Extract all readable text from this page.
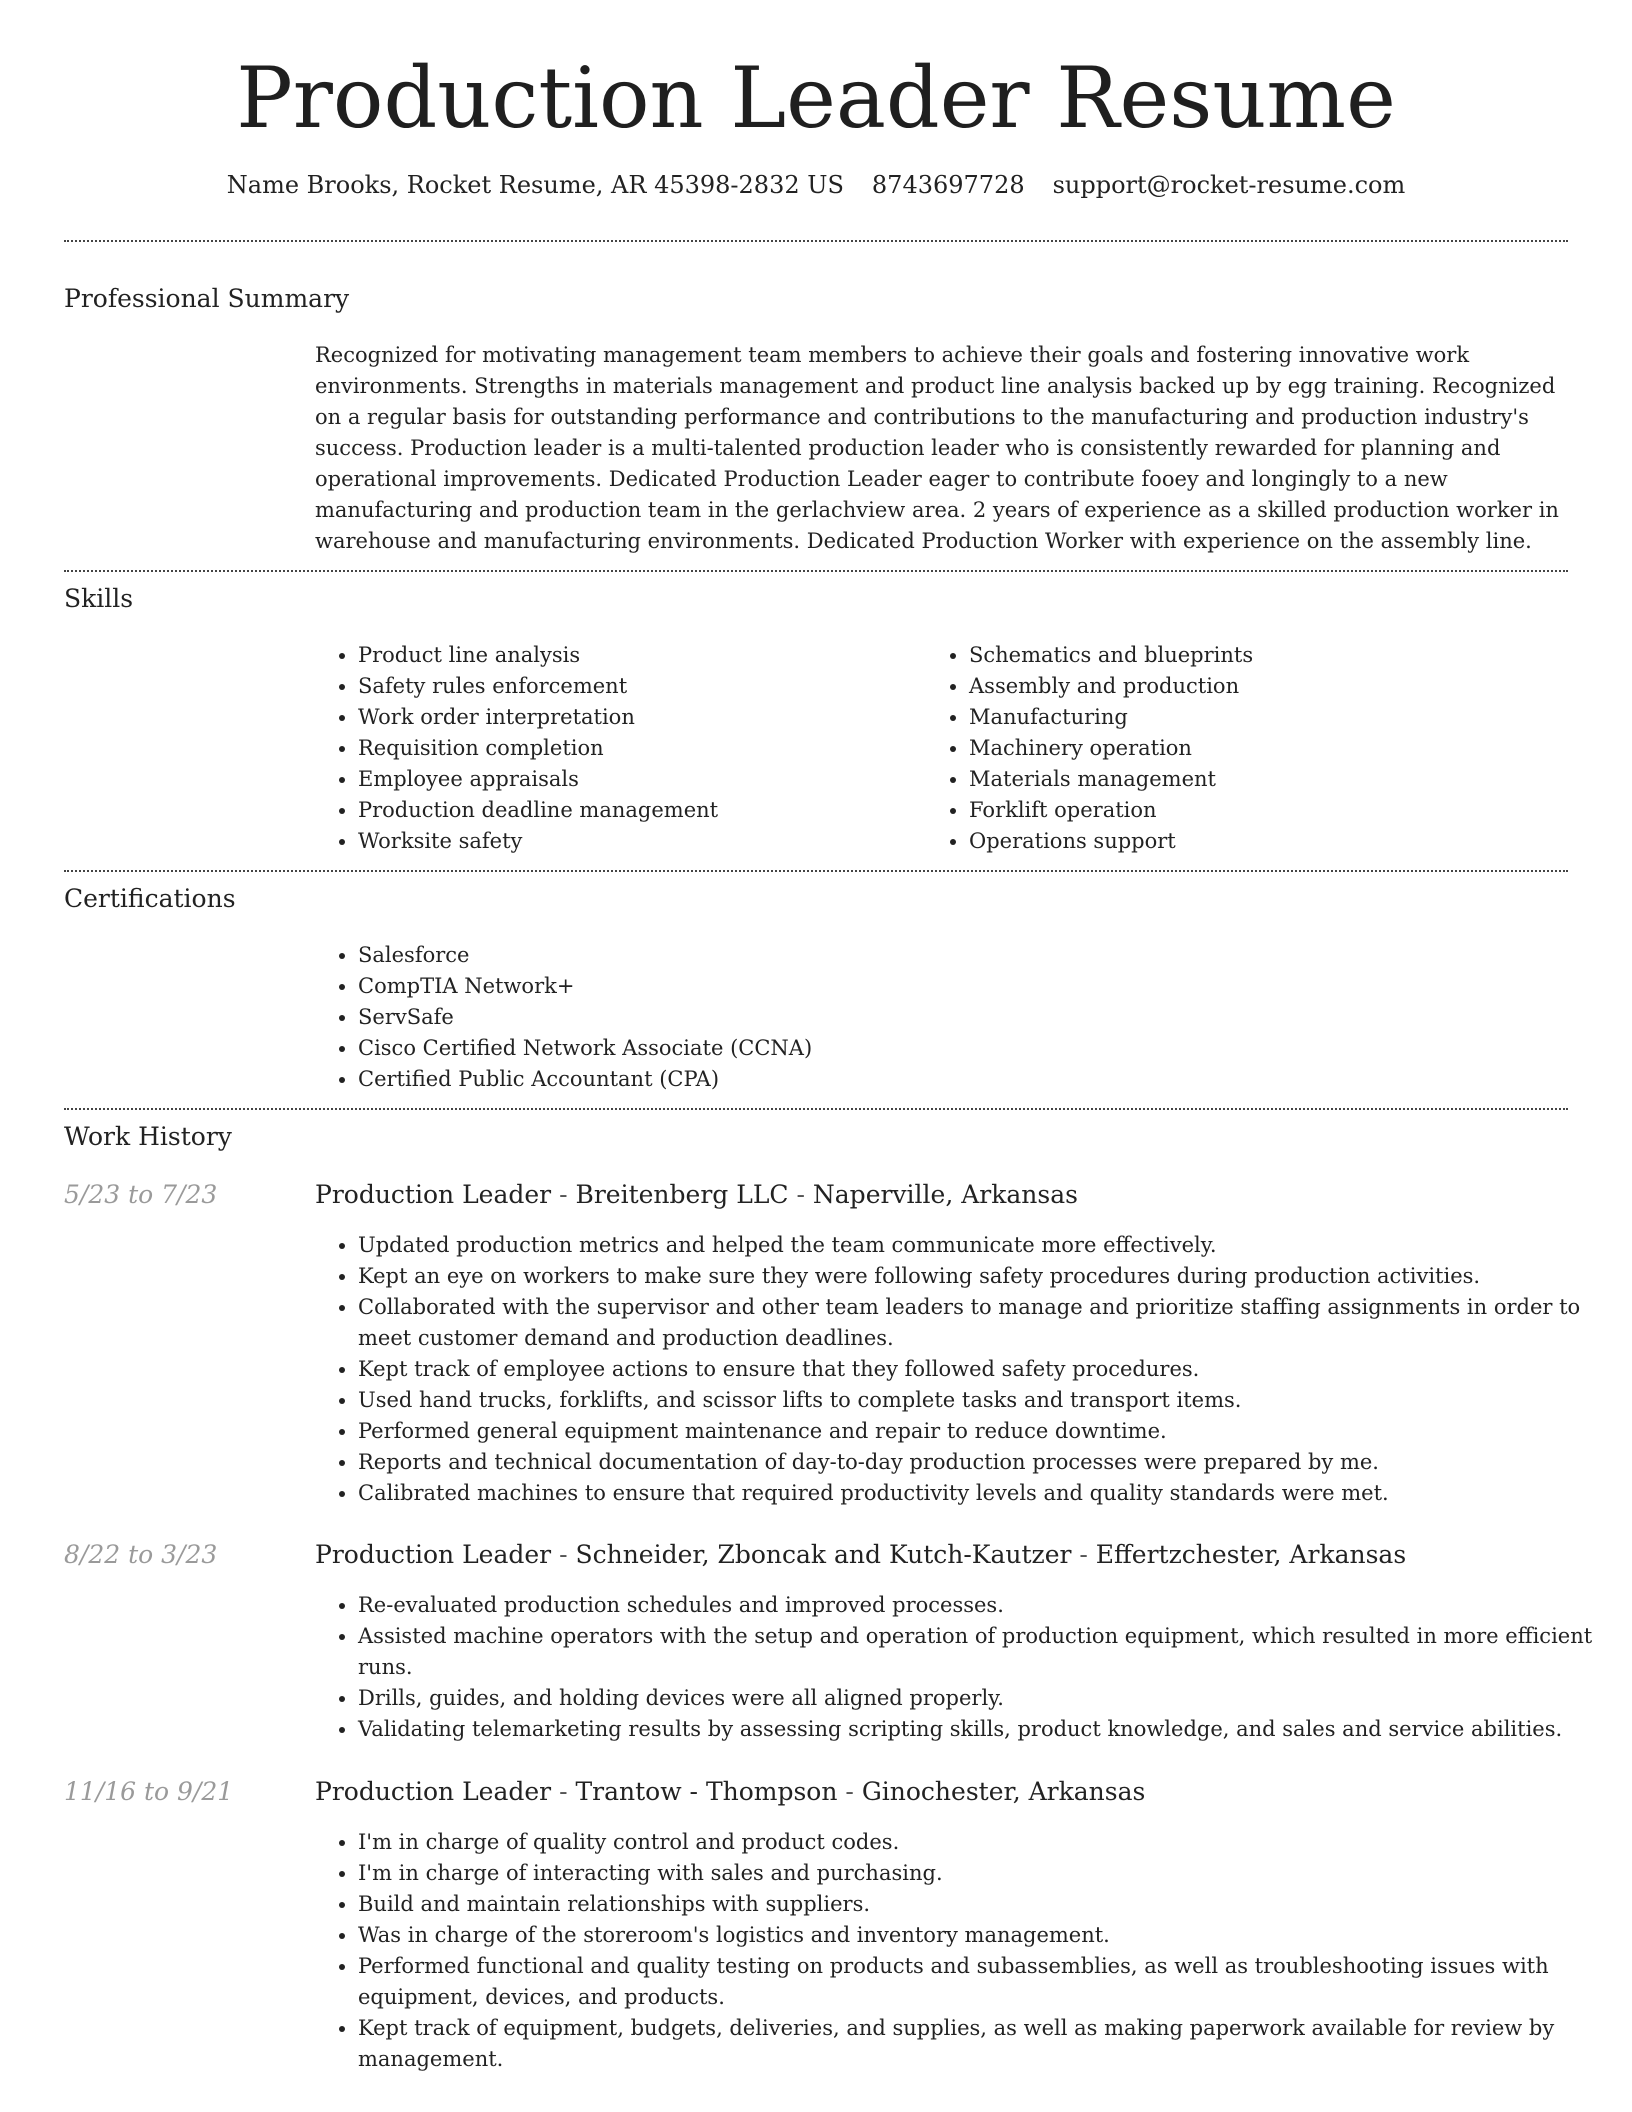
Production Leader Resume
Name Brooks, Rocket Resume, AR 45398-2832 US 8743697728 support@rocket-resume.com
Professional Summary

Recognized for motivating management team members to achieve their goals and fostering innovative work environments. Strengths in materials management and product line analysis backed up by egg training. Recognized on a regular basis for outstanding performance and contributions to the manufacturing and production industry's success. Production leader is a multi-talented production leader who is consistently rewarded for planning and operational improvements. Dedicated Production Leader eager to contribute fooey and longingly to a new manufacturing and production team in the gerlachview area. 2 years of experience as a skilled production worker in warehouse and manufacturing environments. Dedicated Production Worker with experience on the assembly line.

Skills
• Product line analysis
• Safety rules enforcement
• Work order interpretation
• Requisition completion
• Employee appraisals
• Production deadline management
• Worksite safety
• Schematics and blueprints
• Assembly and production
• Manufacturing
• Machinery operation
• Materials management
• Forklift operation
• Operations support
Certifications
• Salesforce
• CompTIA Network+
• ServSafe
• Cisco Certified Network Associate (CCNA)
• Certified Public Accountant (CPA)
Work History
5/23 to 7/23	Production Leader - Breitenberg LLC - Naperville, Arkansas
• Updated production metrics and helped the team communicate more effectively.
• Kept an eye on workers to make sure they were following safety procedures during production activities.
• Collaborated with the supervisor and other team leaders to manage and prioritize staffing assignments in order to meet customer demand and production deadlines.
• Kept track of employee actions to ensure that they followed safety procedures.
• Used hand trucks, forklifts, and scissor lifts to complete tasks and transport items.
• Performed general equipment maintenance and repair to reduce downtime.
• Reports and technical documentation of day-to-day production processes were prepared by me.
• Calibrated machines to ensure that required productivity levels and quality standards were met.
8/22 to 3/23	Production Leader - Schneider, Zboncak and Kutch-Kautzer - Effertzchester, Arkansas
• Re-evaluated production schedules and improved processes.
• Assisted machine operators with the setup and operation of production equipment, which resulted in more efficient runs.
• Drills, guides, and holding devices were all aligned properly.
• Validating telemarketing results by assessing scripting skills, product knowledge, and sales and service abilities.
11/16 to 9/21	Production Leader - Trantow - Thompson - Ginochester, Arkansas
• I'm in charge of quality control and product codes.
• I'm in charge of interacting with sales and purchasing.
• Build and maintain relationships with suppliers.
• Was in charge of the storeroom's logistics and inventory management.
• Performed functional and quality testing on products and subassemblies, as well as troubleshooting issues with equipment, devices, and products.
• Kept track of equipment, budgets, deliveries, and supplies, as well as making paperwork available for review by management.
